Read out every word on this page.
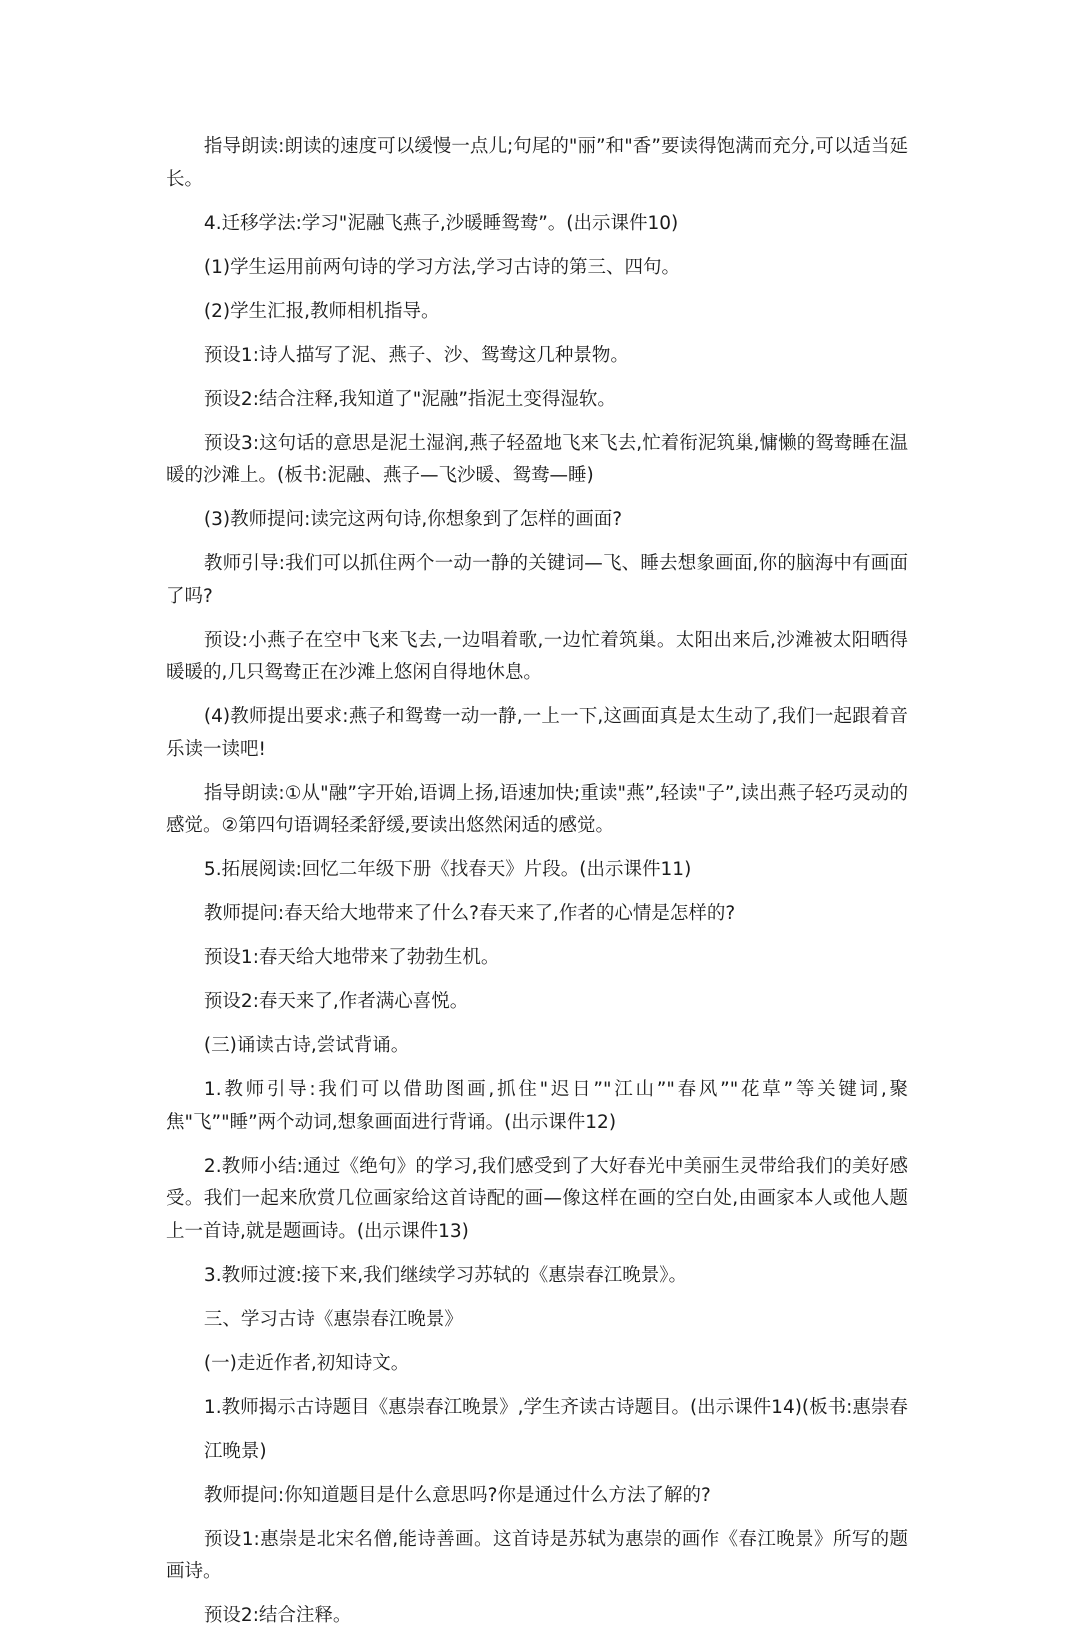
指导朗读:朗读的速度可以缓慢一点儿;句尾的"丽”和"香”要读得饱满而充分,可以适当延长。

4.迁移学法:学习"泥融飞燕子,沙暖睡鸳鸯”。(出示课件10)

(1)学生运用前两句诗的学习方法,学习古诗的第三、四句。

(2)学生汇报,教师相机指导。

预设1:诗人描写了泥、燕子、沙、鸳鸯这几种景物。

预设2:结合注释,我知道了"泥融”指泥土变得湿软。

预设3:这句话的意思是泥土湿润,燕子轻盈地飞来飞去,忙着衔泥筑巢,慵懒的鸳鸯睡在温暖的沙滩上。(板书:泥融、燕子—飞沙暖、鸳鸯—睡)

(3)教师提问:读完这两句诗,你想象到了怎样的画面?

教师引导:我们可以抓住两个一动一静的关键词—飞、睡去想象画面,你的脑海中有画面了吗?

预设:小燕子在空中飞来飞去,一边唱着歌,一边忙着筑巢。太阳出来后,沙滩被太阳晒得暖暖的,几只鸳鸯正在沙滩上悠闲自得地休息。

(4)教师提出要求:燕子和鸳鸯一动一静,一上一下,这画面真是太生动了,我们一起跟着音乐读一读吧!

指导朗读:①从"融”字开始,语调上扬,语速加快;重读"燕”,轻读"子”,读出燕子轻巧灵动的感觉。②第四句语调轻柔舒缓,要读出悠然闲适的感觉。

5.拓展阅读:回忆二年级下册《找春天》片段。(出示课件11)

教师提问:春天给大地带来了什么?春天来了,作者的心情是怎样的?

预设1:春天给大地带来了勃勃生机。

预设2:春天来了,作者满心喜悦。

(三)诵读古诗,尝试背诵。

1.教师引导:我们可以借助图画,抓住"迟日”"江山”"春风”"花草”等关键词,聚焦"飞”"睡”两个动词,想象画面进行背诵。(出示课件12)

2.教师小结:通过《绝句》的学习,我们感受到了大好春光中美丽生灵带给我们的美好感受。我们一起来欣赏几位画家给这首诗配的画—像这样在画的空白处,由画家本人或他人题上一首诗,就是题画诗。(出示课件13)

3.教师过渡:接下来,我们继续学习苏轼的《惠崇春江晚景》。

三、学习古诗《惠崇春江晚景》

(一)走近作者,初知诗文。

1.教师揭示古诗题目《惠崇春江晚景》,学生齐读古诗题目。(出示课件14)(板书:惠崇春

江晚景)

教师提问:你知道题目是什么意思吗?你是通过什么方法了解的?

预设1:惠崇是北宋名僧,能诗善画。这首诗是苏轼为惠崇的画作《春江晚景》所写的题画诗。

预设2:结合注释。
